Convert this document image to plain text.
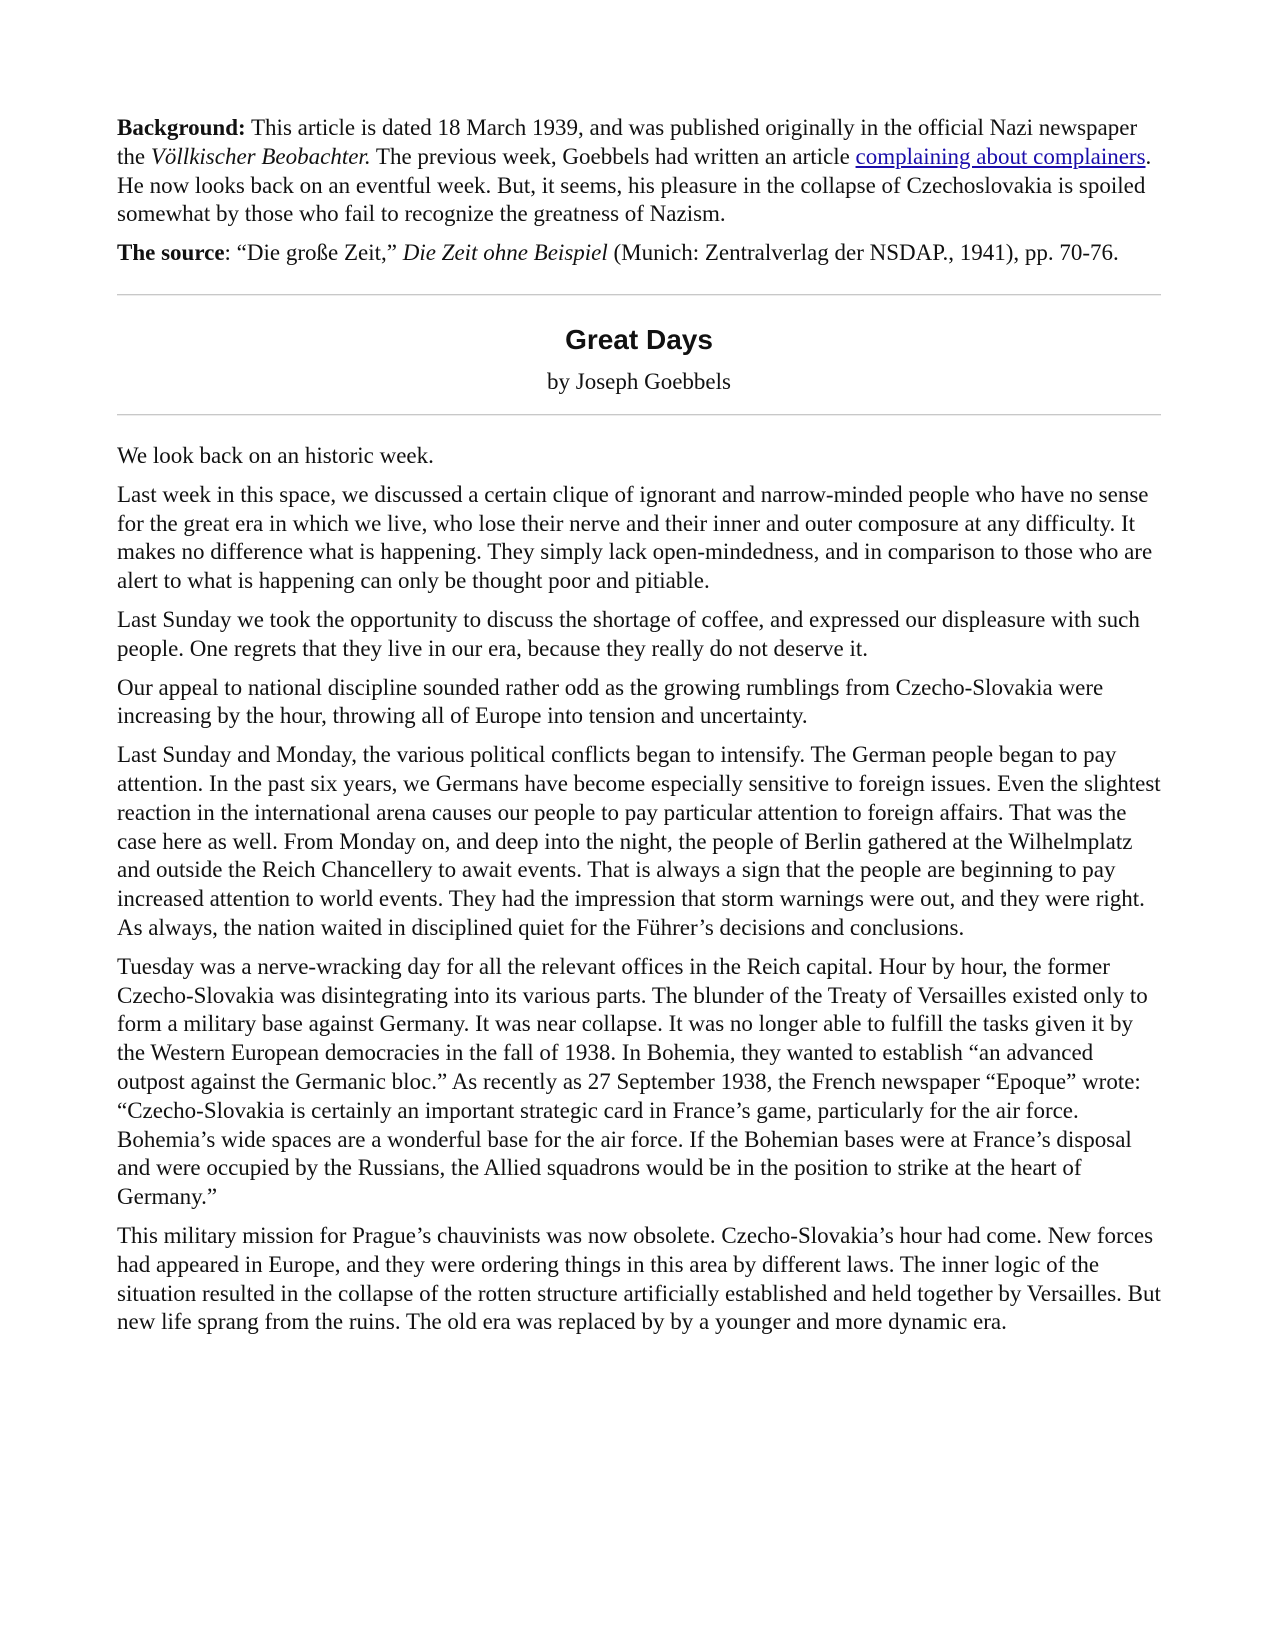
Background: This article is dated 18 March 1939, and was published originally in the official Nazi newspaper the Völlkischer Beobachter. The previous week, Goebbels had written an article complaining about complainers. He now looks back on an eventful week. But, it seems, his pleasure in the collapse of Czechoslovakia is spoiled somewhat by those who fail to recognize the greatness of Nazism.

The source: “Die große Zeit,” Die Zeit ohne Beispiel (Munich: Zentralverlag der NSDAP., 1941), pp. 70-76.

Great Days
by Joseph Goebbels

We look back on an historic week.

Last week in this space, we discussed a certain clique of ignorant and narrow-minded people who have no sense for the great era in which we live, who lose their nerve and their inner and outer composure at any difficulty. It makes no difference what is happening. They simply lack open-mindedness, and in comparison to those who are alert to what is happening can only be thought poor and pitiable.

Last Sunday we took the opportunity to discuss the shortage of coffee, and expressed our displeasure with such people. One regrets that they live in our era, because they really do not deserve it.

Our appeal to national discipline sounded rather odd as the growing rumblings from Czecho-Slovakia were increasing by the hour, throwing all of Europe into tension and uncertainty.

Last Sunday and Monday, the various political conflicts began to intensify. The German people began to pay attention. In the past six years, we Germans have become especially sensitive to foreign issues. Even the slightest reaction in the international arena causes our people to pay particular attention to foreign affairs. That was the case here as well. From Monday on, and deep into the night, the people of Berlin gathered at the Wilhelmplatz and outside the Reich Chancellery to await events. That is always a sign that the people are beginning to pay increased attention to world events. They had the impression that storm warnings were out, and they were right. As always, the nation waited in disciplined quiet for the Führer’s decisions and conclusions.

Tuesday was a nerve-wracking day for all the relevant offices in the Reich capital. Hour by hour, the former Czecho-Slovakia was disintegrating into its various parts. The blunder of the Treaty of Versailles existed only to form a military base against Germany. It was near collapse. It was no longer able to fulfill the tasks given it by the Western European democracies in the fall of 1938. In Bohemia, they wanted to establish “an advanced outpost against the Germanic bloc.” As recently as 27 September 1938, the French newspaper “Epoque” wrote: “Czecho-Slovakia is certainly an important strategic card in France’s game, particularly for the air force. Bohemia’s wide spaces are a wonderful base for the air force. If the Bohemian bases were at France’s disposal and were occupied by the Russians, the Allied squadrons would be in the position to strike at the heart of Germany.”

This military mission for Prague’s chauvinists was now obsolete. Czecho-Slovakia’s hour had come. New forces had appeared in Europe, and they were ordering things in this area by different laws. The inner logic of the situation resulted in the collapse of the rotten structure artificially established and held together by Versailles. But new life sprang from the ruins. The old era was replaced by by a younger and more dynamic era.
